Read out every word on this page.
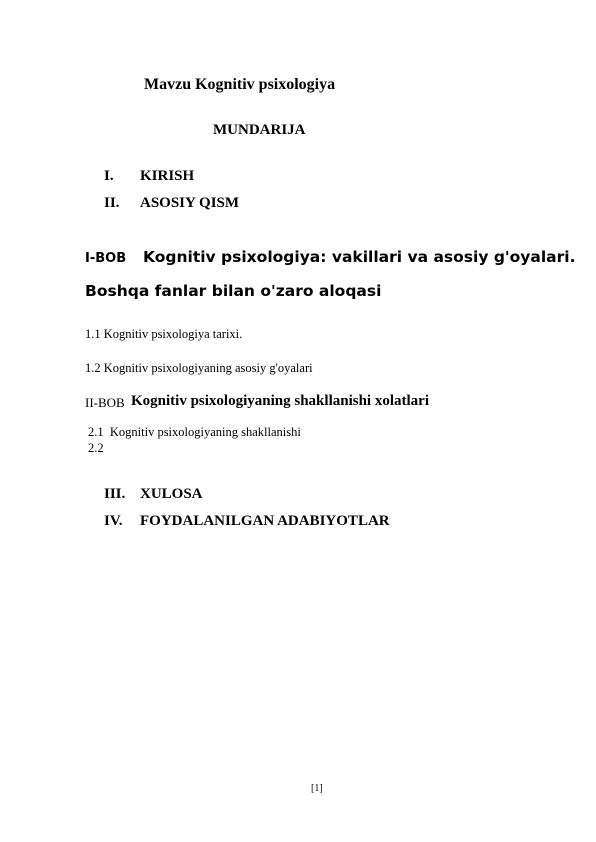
Mavzu Kognitiv psixologiya
MUNDARIJA
I. KIRISH
II. ASOSIY QISM
I-BOB Kognitiv psixologiya: vakillari va asosiy g'oyalari.
Boshqa fanlar bilan o'zaro aloqasi
1.1 Kognitiv psixologiya tarixi.
1.2 Kognitiv psixologiyaning asosiy g'oyalari
II-BOB Kognitiv psixologiyaning shakllanishi xolatlari
2.1  Kognitiv psixologiyaning shakllanishi
2.2
III. XULOSA
IV. FOYDALANILGAN ADABIYOTLAR
[1]
